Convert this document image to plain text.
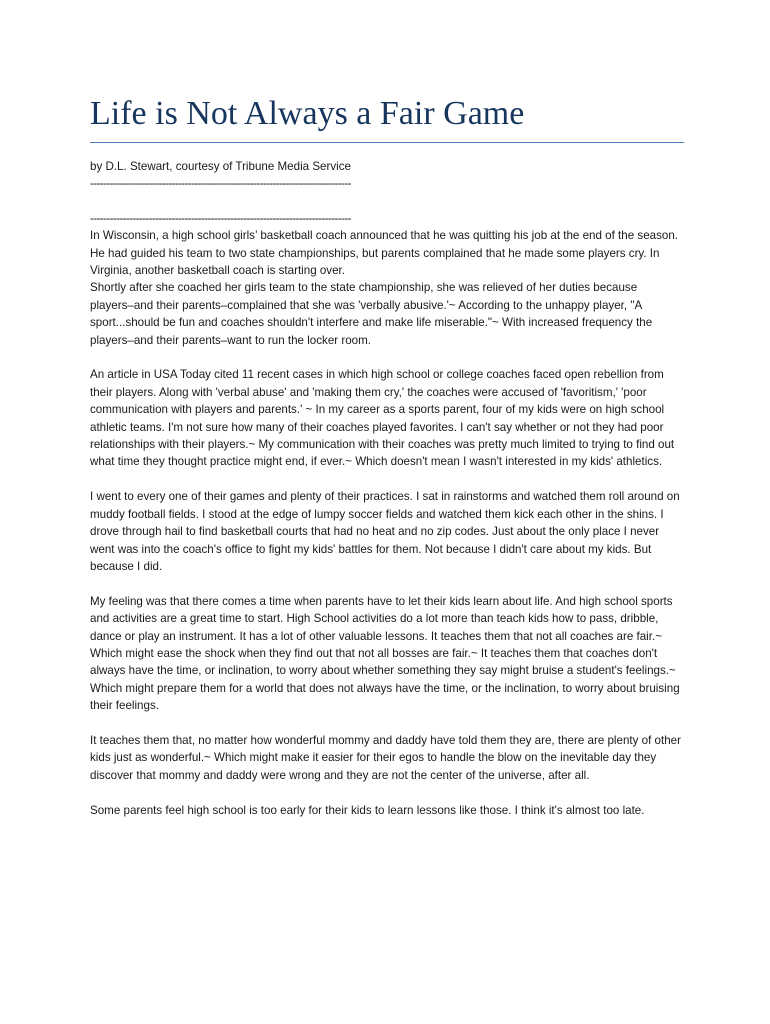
Life is Not Always a Fair Game

by D.L. Stewart, courtesy of Tribune Media Service

--------------------------------------------------------------------------------

--------------------------------------------------------------------------------

In Wisconsin, a high school girls’ basketball coach announced that he was quitting his job at the end of the season. He had guided his team to two state championships, but parents complained that he made some players cry. In Virginia, another basketball coach is starting over.

Shortly after she coached her girls team to the state championship, she was relieved of her duties because players–and their parents–complained that she was 'verbally abusive.'~ According to the unhappy player, "A sport...should be fun and coaches shouldn't interfere and make life miserable."~ With increased frequency the players–and their parents–want to run the locker room.

An article in USA Today cited 11 recent cases in which high school or college coaches faced open rebellion from their players. Along with 'verbal abuse' and 'making them cry,' the coaches were accused of 'favoritism,' 'poor communication with players and parents.' ~ In my career as a sports parent, four of my kids were on high school athletic teams. I'm not sure how many of their coaches played favorites. I can't say whether or not they had poor relationships with their players.~ My communication with their coaches was pretty much limited to trying to find out what time they thought practice might end, if ever.~ Which doesn't mean I wasn't interested in my kids' athletics.

I went to every one of their games and plenty of their practices. I sat in rainstorms and watched them roll around on muddy football fields. I stood at the edge of lumpy soccer fields and watched them kick each other in the shins. I drove through hail to find basketball courts that had no heat and no zip codes. Just about the only place I never went was into the coach's office to fight my kids' battles for them. Not because I didn't care about my kids. But because I did.

My feeling was that there comes a time when parents have to let their kids learn about life. And high school sports and activities are a great time to start. High School activities do a lot more than teach kids how to pass, dribble, dance or play an instrument. It has a lot of other valuable lessons. It teaches them that not all coaches are fair.~ Which might ease the shock when they find out that not all bosses are fair.~ It teaches them that coaches don't always have the time, or inclination, to worry about whether something they say might bruise a student's feelings.~ Which might prepare them for a world that does not always have the time, or the inclination, to worry about bruising their feelings.

It teaches them that, no matter how wonderful mommy and daddy have told them they are, there are plenty of other kids just as wonderful.~ Which might make it easier for their egos to handle the blow on the inevitable day they discover that mommy and daddy were wrong and they are not the center of the universe, after all.

Some parents feel high school is too early for their kids to learn lessons like those. I think it's almost too late.
